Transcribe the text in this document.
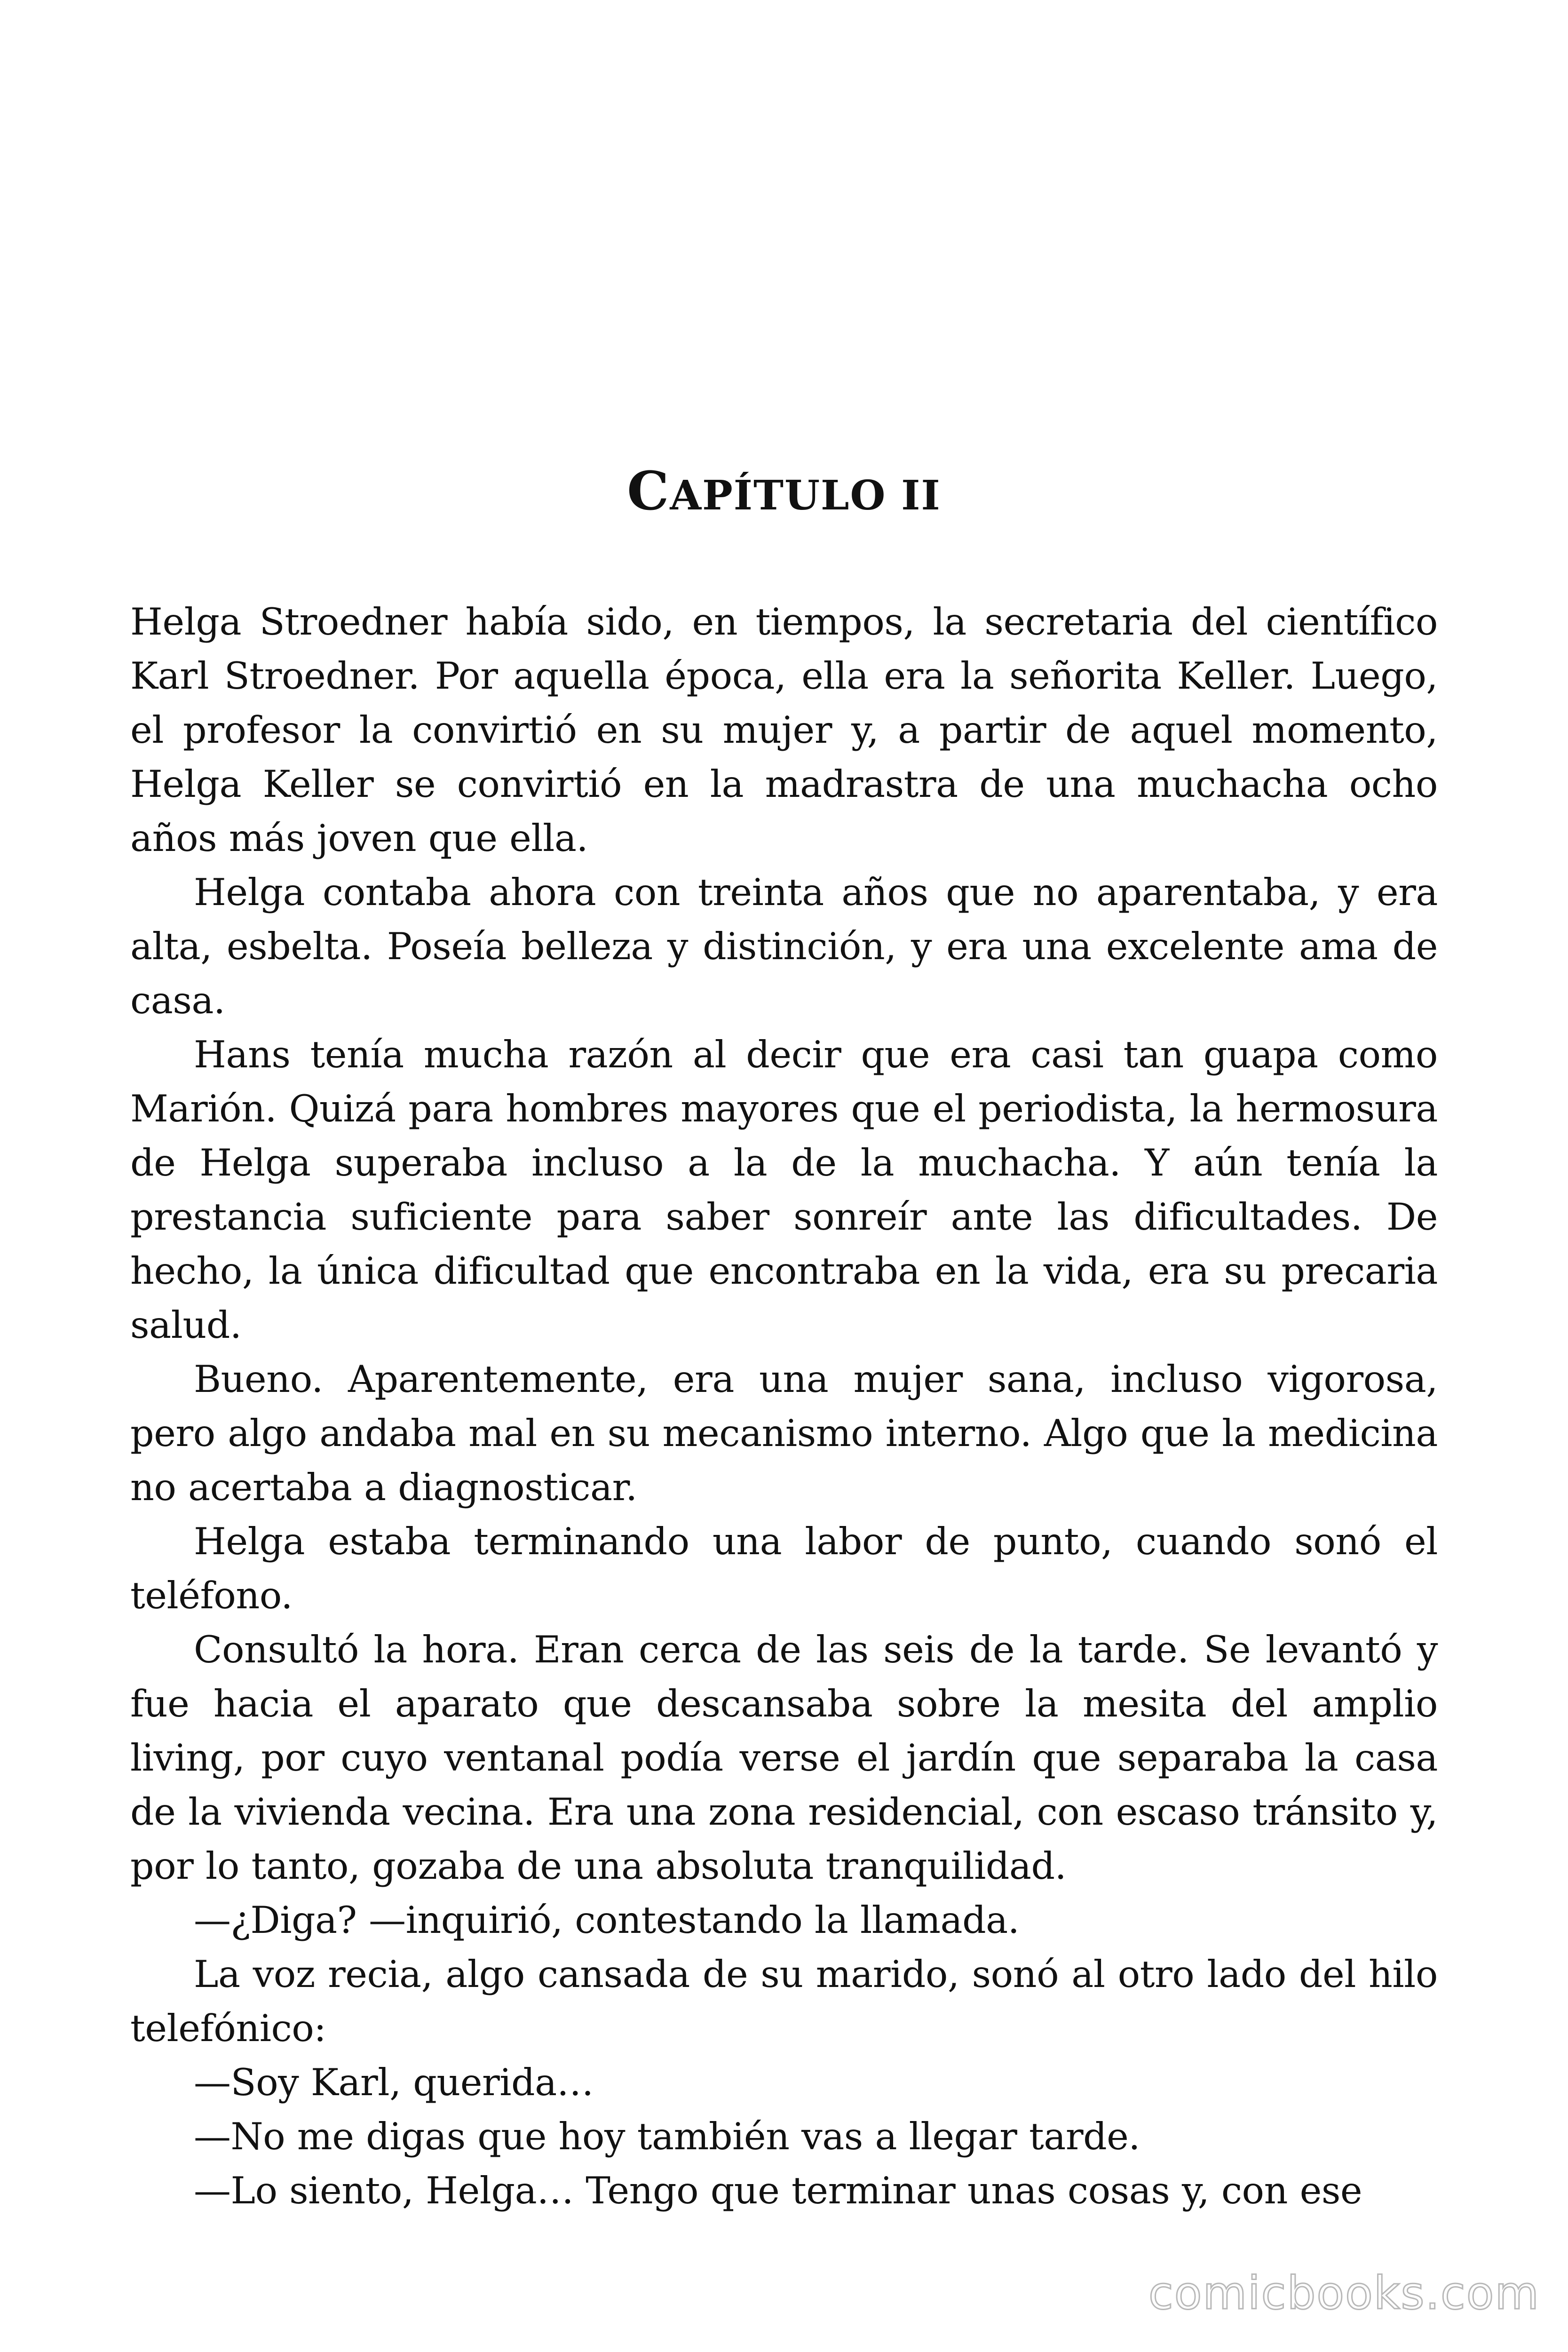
CAPÍTULO II

Helga Stroedner había sido, en tiempos, la secretaria del científico Karl Stroedner. Por aquella época, ella era la señorita Keller. Luego, el profesor la convirtió en su mujer y, a partir de aquel momento, Helga Keller se convirtió en la madrastra de una muchacha ocho años más joven que ella.

Helga contaba ahora con treinta años que no aparentaba, y era alta, esbelta. Poseía belleza y distinción, y era una excelente ama de casa.

Hans tenía mucha razón al decir que era casi tan guapa como Marión. Quizá para hombres mayores que el periodista, la hermosura de Helga superaba incluso a la de la muchacha. Y aún tenía la prestancia suficiente para saber sonreír ante las dificultades. De hecho, la única dificultad que encontraba en la vida, era su precaria salud.

Bueno. Aparentemente, era una mujer sana, incluso vigorosa, pero algo andaba mal en su mecanismo interno. Algo que la medicina no acertaba a diagnosticar.

Helga estaba terminando una labor de punto, cuando sonó el teléfono.

Consultó la hora. Eran cerca de las seis de la tarde. Se levantó y fue hacia el aparato que descansaba sobre la mesita del amplio living, por cuyo ventanal podía verse el jardín que separaba la casa de la vivienda vecina. Era una zona residencial, con escaso tránsito y, por lo tanto, gozaba de una absoluta tranquilidad.

—¿Diga? —inquirió, contestando la llamada.

La voz recia, algo cansada de su marido, sonó al otro lado del hilo telefónico:

—Soy Karl, querida…

—No me digas que hoy también vas a llegar tarde.

—Lo siento, Helga… Tengo que terminar unas cosas y, con ese

comicbooks.com
